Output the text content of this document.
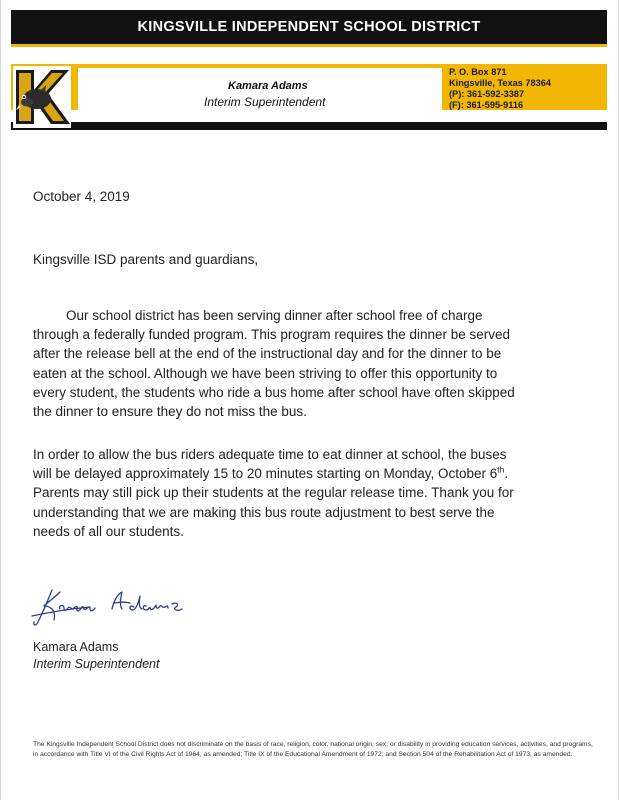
KINGSVILLE INDEPENDENT SCHOOL DISTRICT
Kamara Adams
Interim Superintendent
P. O. Box 871
Kingsville, Texas 78364
(P): 361-592-3387
(F): 361-595-9116
October 4, 2019
Kingsville ISD parents and guardians,

Our school district has been serving dinner after school free of charge
through a federally funded program. This program requires the dinner be served
after the release bell at the end of the instructional day and for the dinner to be
eaten at the school. Although we have been striving to offer this opportunity to
every student, the students who ride a bus home after school have often skipped
the dinner to ensure they do not miss the bus.

In order to allow the bus riders adequate time to eat dinner at school, the buses
will be delayed approximately 15 to 20 minutes starting on Monday, October 6th.
Parents may still pick up their students at the regular release time. Thank you for
understanding that we are making this bus route adjustment to best serve the
needs of all our students.

Kamara Adams
Interim Superintendent

The Kingsville Independent School District does not discriminate on the basis of race, religion, color, national origin, sex, or disability in providing education services, activities, and programs, in accordance with Title VI of the Civil Rights Act of 1964, as amended; Title IX of the Educational Amendment of 1972; and Section 504 of the Rehabilitation Act of 1973, as amended.
